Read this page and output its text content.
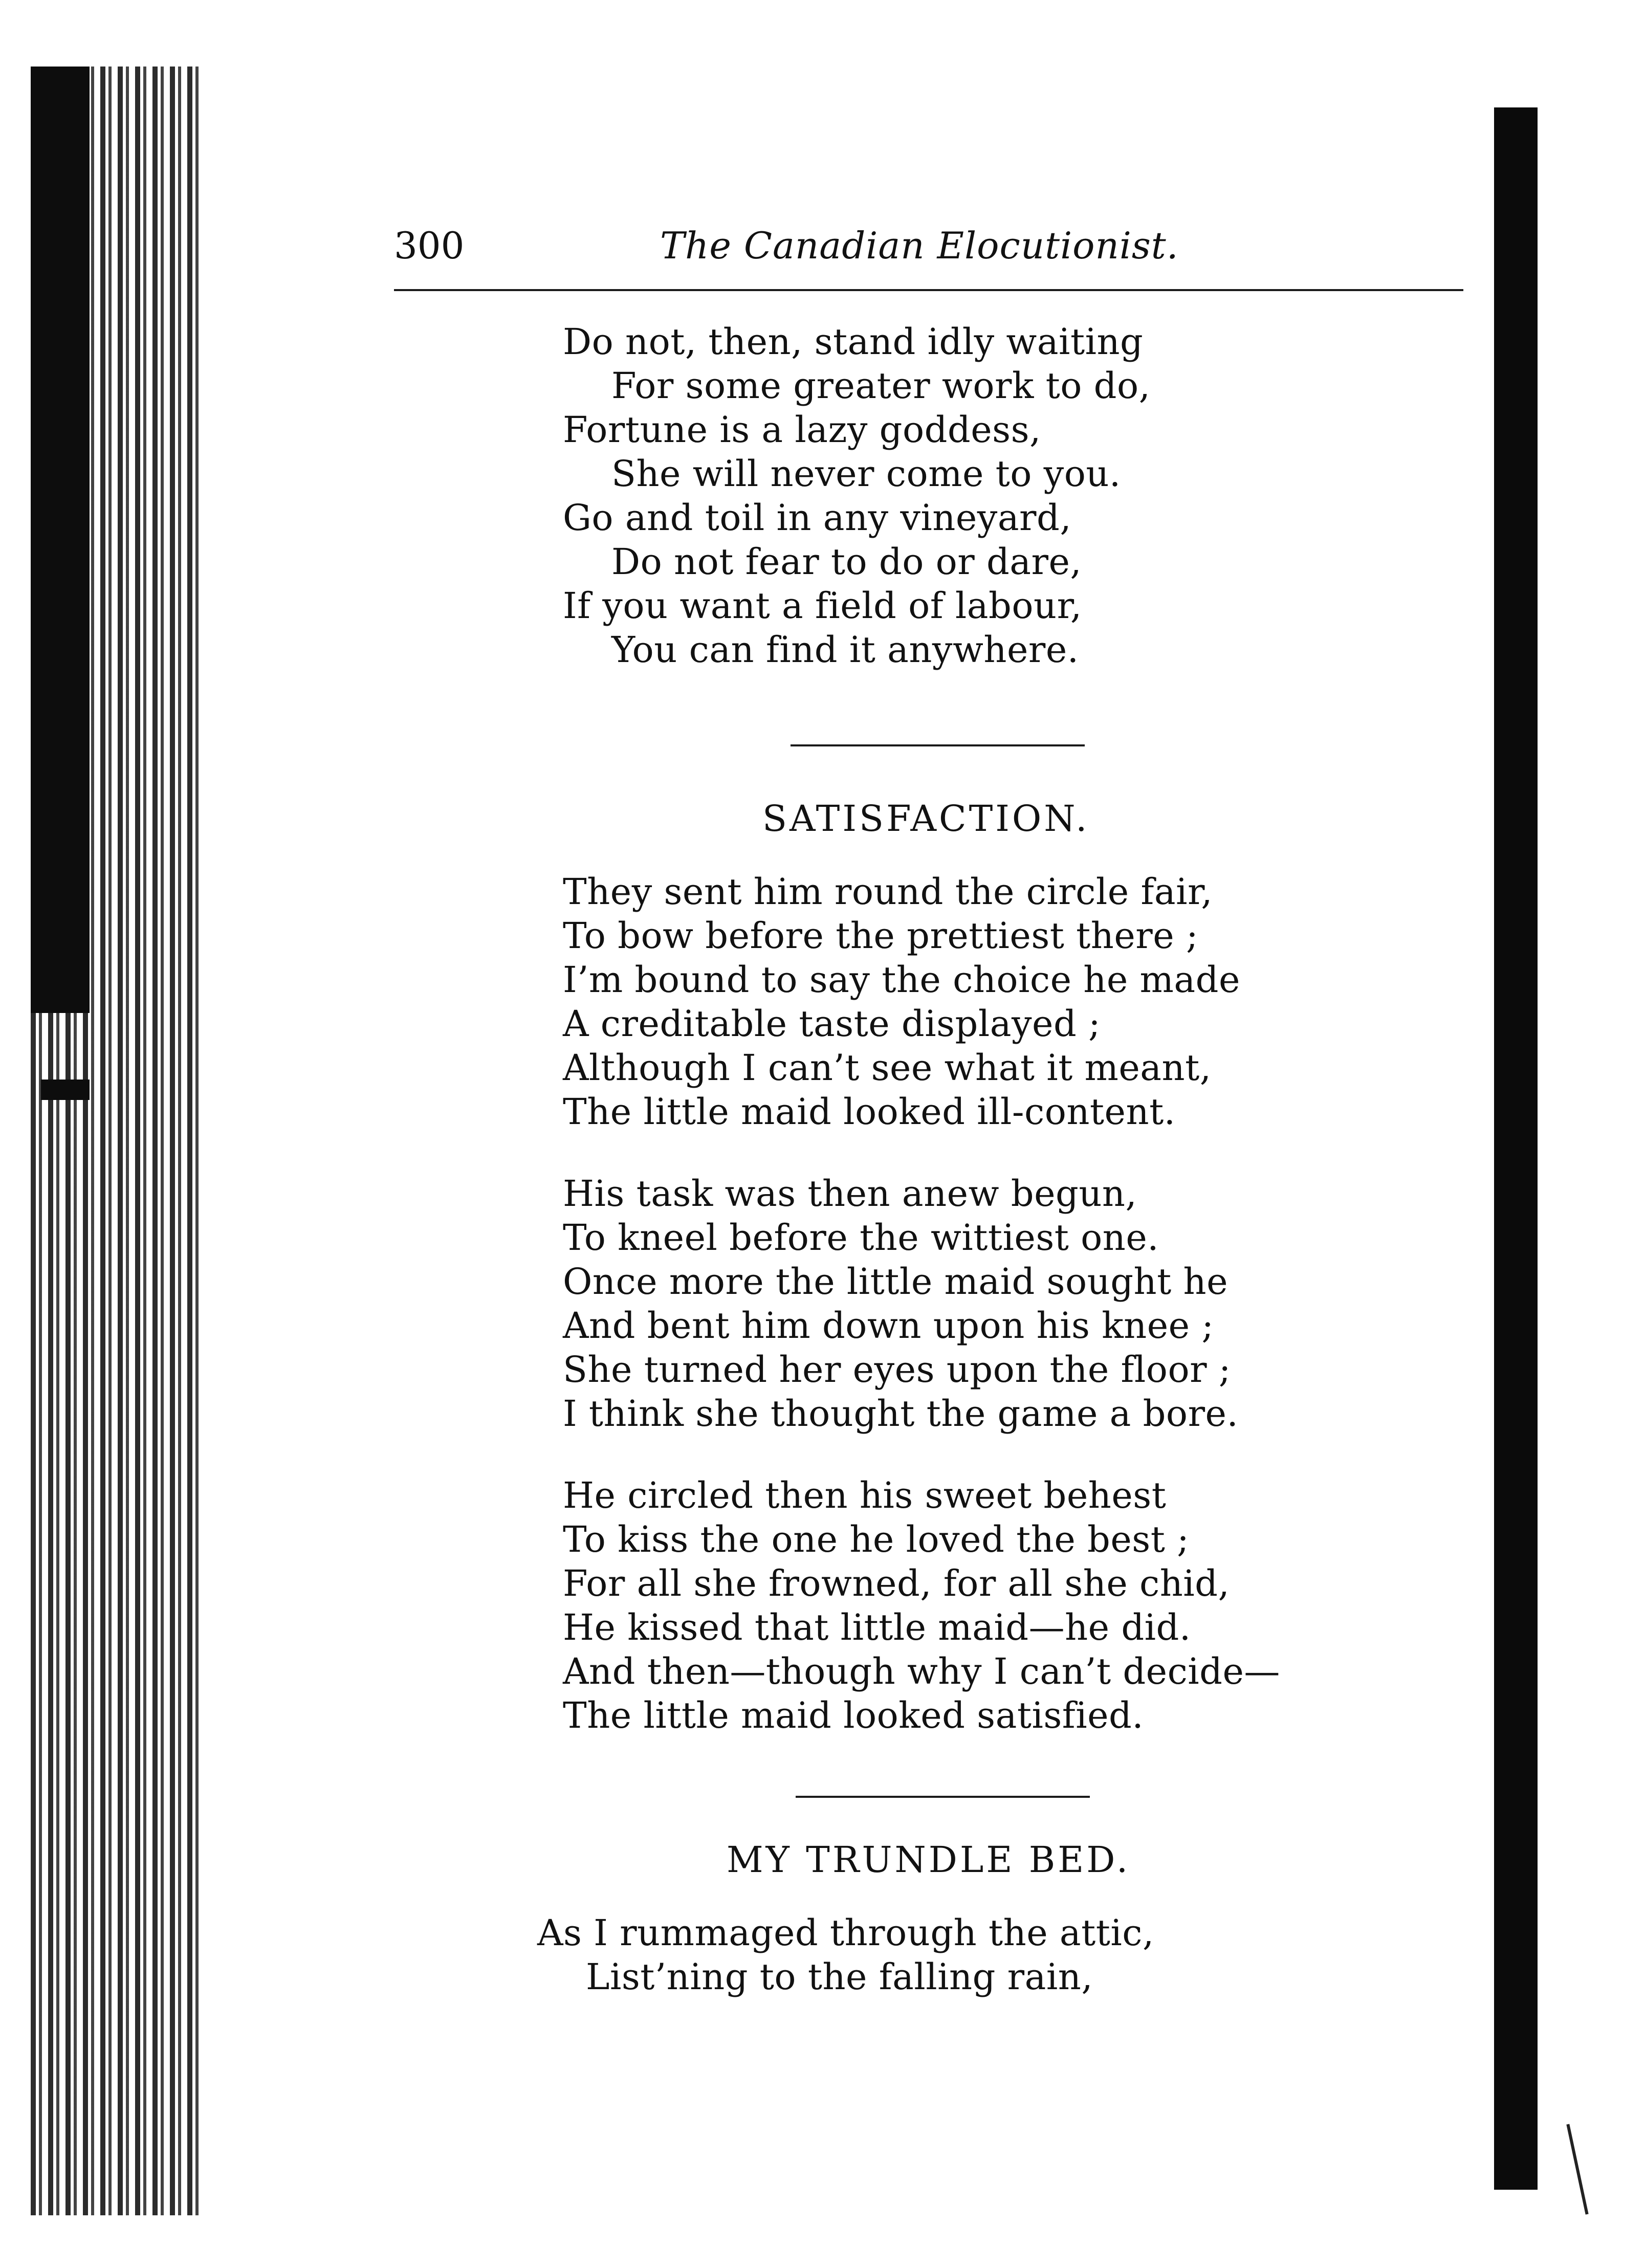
300	The Canadian Elocutionist.
Do not, then, stand idly waiting
For some greater work to do,
Fortune is a lazy goddess,
She will never come to you.
Go and toil in any vineyard,
Do not fear to do or dare,
If you want a field of labour,
You can find it anywhere.
SATISFACTION.
They sent him round the circle fair,
To bow before the prettiest there ;
I’m bound to say the choice he made
A creditable taste displayed ;
Although I can’t see what it meant,
The little maid looked ill-content.
His task was then anew begun,
To kneel before the wittiest one.
Once more the little maid sought he
And bent him down upon his knee ;
She turned her eyes upon the floor ;
I think she thought the game a bore.
He circled then his sweet behest
To kiss the one he loved the best ;
For all she frowned, for all she chid,
He kissed that little maid—he did.
And then—though why I can’t decide—
The little maid looked satisfied.
MY TRUNDLE BED.
As I rummaged through the attic,
List’ning to the falling rain,
